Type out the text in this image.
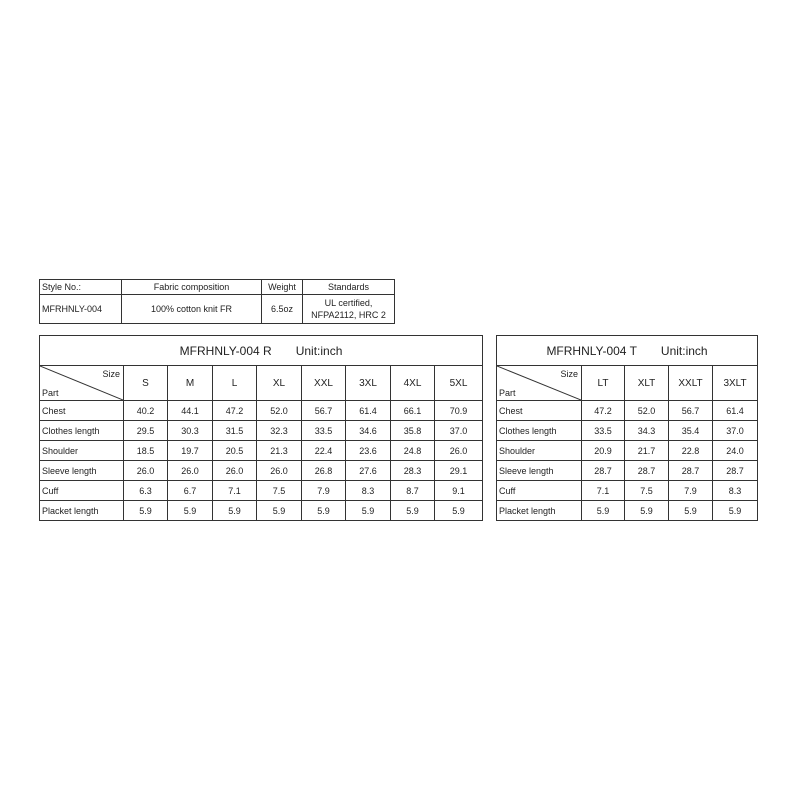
Style No.:	Fabric composition	Weight	Standards
MFRHNLY-004	100% cotton knit FR	6.5oz	UL certified,
NFPA2112, HRC 2
MFRHNLY-004 R Unit:inch								

Size
Part	S	M	L	XL	XXL	3XL	4XL	5XL
Chest	40.2	44.1	47.2	52.0	56.7	61.4	66.1	70.9
Clothes length	29.5	30.3	31.5	32.3	33.5	34.6	35.8	37.0
Shoulder	18.5	19.7	20.5	21.3	22.4	23.6	24.8	26.0
Sleeve length	26.0	26.0	26.0	26.0	26.8	27.6	28.3	29.1
Cuff	6.3	6.7	7.1	7.5	7.9	8.3	8.7	9.1
Placket length	5.9	5.9	5.9	5.9	5.9	5.9	5.9	5.9
MFRHNLY-004 T Unit:inch				

Size
Part	LT	XLT	XXLT	3XLT
Chest	47.2	52.0	56.7	61.4
Clothes length	33.5	34.3	35.4	37.0
Shoulder	20.9	21.7	22.8	24.0
Sleeve length	28.7	28.7	28.7	28.7
Cuff	7.1	7.5	7.9	8.3
Placket length	5.9	5.9	5.9	5.9
